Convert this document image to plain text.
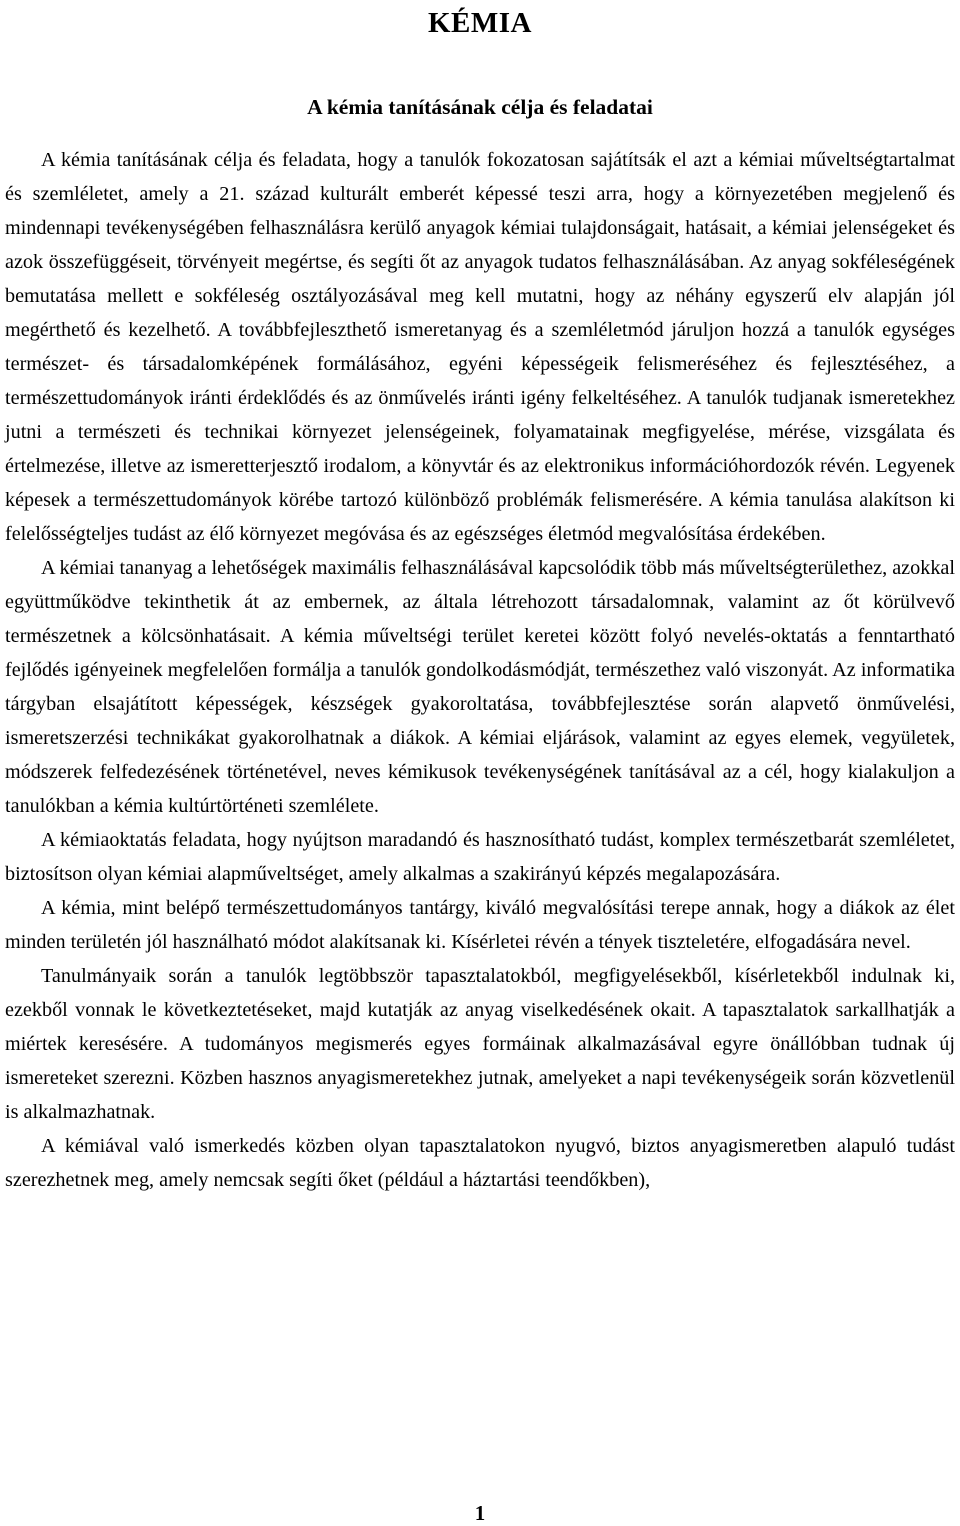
KÉMIA
A kémia tanításának célja és feladatai

A kémia tanításának célja és feladata, hogy a tanulók fokozatosan sajátítsák el azt a kémiai műveltségtartalmat és szemléletet, amely a 21. század kulturált emberét képessé teszi arra, hogy a környezetében megjelenő és mindennapi tevékenységében felhasználásra kerülő anyagok kémiai tulajdonságait, hatásait, a kémiai jelenségeket és azok összefüggéseit, törvényeit megértse, és segíti őt az anyagok tudatos felhasználásában. Az anyag sokféleségének bemutatása mellett e sokféleség osztályozásával meg kell mutatni, hogy az néhány egyszerű elv alapján jól megérthető és kezelhető. A továbbfejleszthető ismeretanyag és a szemléletmód járuljon hozzá a tanulók egységes természet- és társadalomképének formálásához, egyéni képességeik felismeréséhez és fejlesztéséhez, a természettudományok iránti érdeklődés és az önművelés iránti igény felkeltéséhez. A tanulók tudjanak ismeretekhez jutni a természeti és technikai környezet jelenségeinek, folyamatainak megfigyelése, mérése, vizsgálata és értelmezése, illetve az ismeretterjesztő irodalom, a könyvtár és az elektronikus információhordozók révén. Legyenek képesek a természettudományok körébe tartozó különböző problémák felismerésére. A kémia tanulása alakítson ki felelősségteljes tudást az élő környezet megóvása és az egészséges életmód megvalósítása érdekében.

A kémiai tananyag a lehetőségek maximális felhasználásával kapcsolódik több más műveltségterülethez, azokkal együttműködve tekinthetik át az embernek, az általa létrehozott társadalomnak, valamint az őt körülvevő természetnek a kölcsönhatásait. A kémia műveltségi terület keretei között folyó nevelés-oktatás a fenntartható fejlődés igényeinek megfelelően formálja a tanulók gondolkodásmódját, természethez való viszonyát. Az informatika tárgyban elsajátított képességek, készségek gyakoroltatása, továbbfejlesztése során alapvető önművelési, ismeretszerzési technikákat gyakorolhatnak a diákok. A kémiai eljárások, valamint az egyes elemek, vegyületek, módszerek felfedezésének történetével, neves kémikusok tevékenységének tanításával az a cél, hogy kialakuljon a tanulókban a kémia kultúrtörténeti szemlélete.

A kémiaoktatás feladata, hogy nyújtson maradandó és hasznosítható tudást, komplex természetbarát szemléletet, biztosítson olyan kémiai alapműveltséget, amely alkalmas a szakirányú képzés megalapozására.

A kémia, mint belépő természettudományos tantárgy, kiváló megvalósítási terepe annak, hogy a diákok az élet minden területén jól használható módot alakítsanak ki. Kísérletei révén a tények tiszteletére, elfogadására nevel.

Tanulmányaik során a tanulók legtöbbször tapasztalatokból, megfigyelésekből, kísérletekből indulnak ki, ezekből vonnak le következtetéseket, majd kutatják az anyag viselkedésének okait. A tapasztalatok sarkallhatják a miértek keresésére. A tudományos megismerés egyes formáinak alkalmazásával egyre önállóbban tudnak új ismereteket szerezni. Közben hasznos anyagismeretekhez jutnak, amelyeket a napi tevékenységeik során közvetlenül is alkalmazhatnak.

A kémiával való ismerkedés közben olyan tapasztalatokon nyugvó, biztos anyagismeretben alapuló tudást szerezhetnek meg, amely nemcsak segíti őket (például a háztartási teendőkben),

1
